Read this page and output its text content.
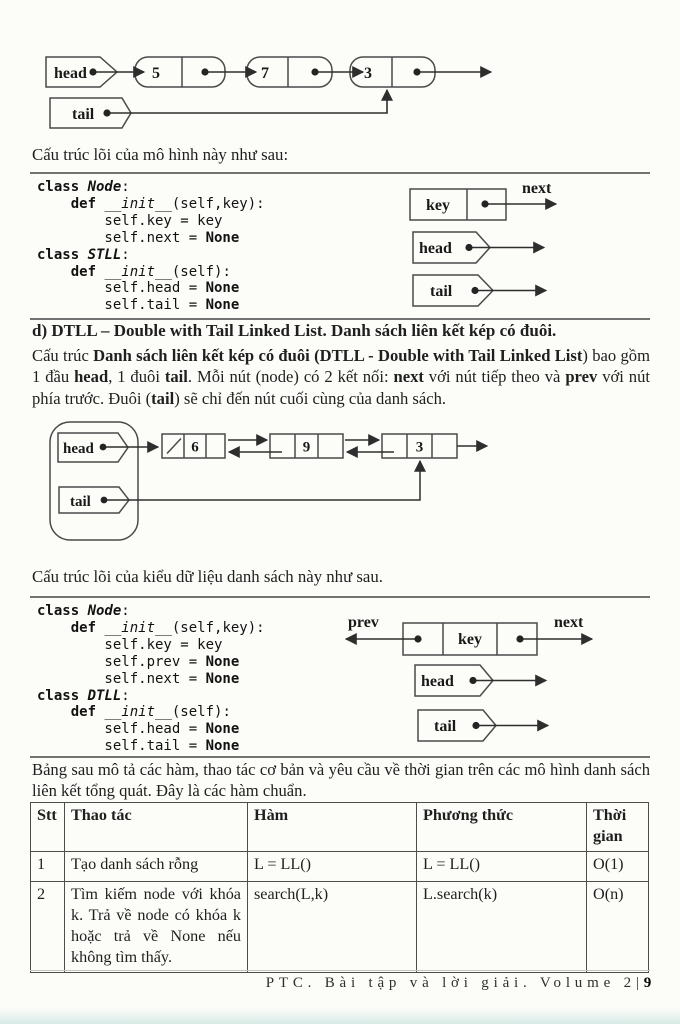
head	5	7	3
tail
Cấu trúc lõi của mô hình này như sau:
class Node:
def __init__(self,key):
self.key = key
self.next = None
class STLL:
def __init__(self):
self.head = None
self.tail = None
next
key
head
tail
d) DTLL – Double with Tail Linked List. Danh sách liên kết kép có đuôi.
Cấu trúc Danh sách liên kết kép có đuôi (DTLL - Double with Tail Linked List) bao gồm 1 đầu head, 1 đuôi tail. Mỗi nút (node) có 2 kết nối: next với nút tiếp theo và prev với nút phía trước. Đuôi (tail) sẽ chỉ đến nút cuối cùng của danh sách.
head
tail
6	9	3
Cấu trúc lõi của kiểu dữ liệu danh sách này như sau.
class Node:
def __init__(self,key):
self.key = key
self.prev = None
self.next = None
class DTLL:
def __init__(self):
self.head = None
self.tail = None
prev	next
key
head
tail
Bảng sau mô tả các hàm, thao tác cơ bản và yêu cầu về thời gian trên các mô hình danh sách liên kết tổng quát. Đây là các hàm chuẩn.
Stt	Thao tác	Hàm	Phương thức	Thời gian
1	Tạo danh sách rỗng	L = LL()	L = LL()	O(1)
2	Tìm kiếm node với khóa k. Trả về node có khóa k hoặc trả về None nếu không tìm thấy.	search(L,k)	L.search(k)	O(n)
PTC. Bài tập và lời giải. Volume 2|9
